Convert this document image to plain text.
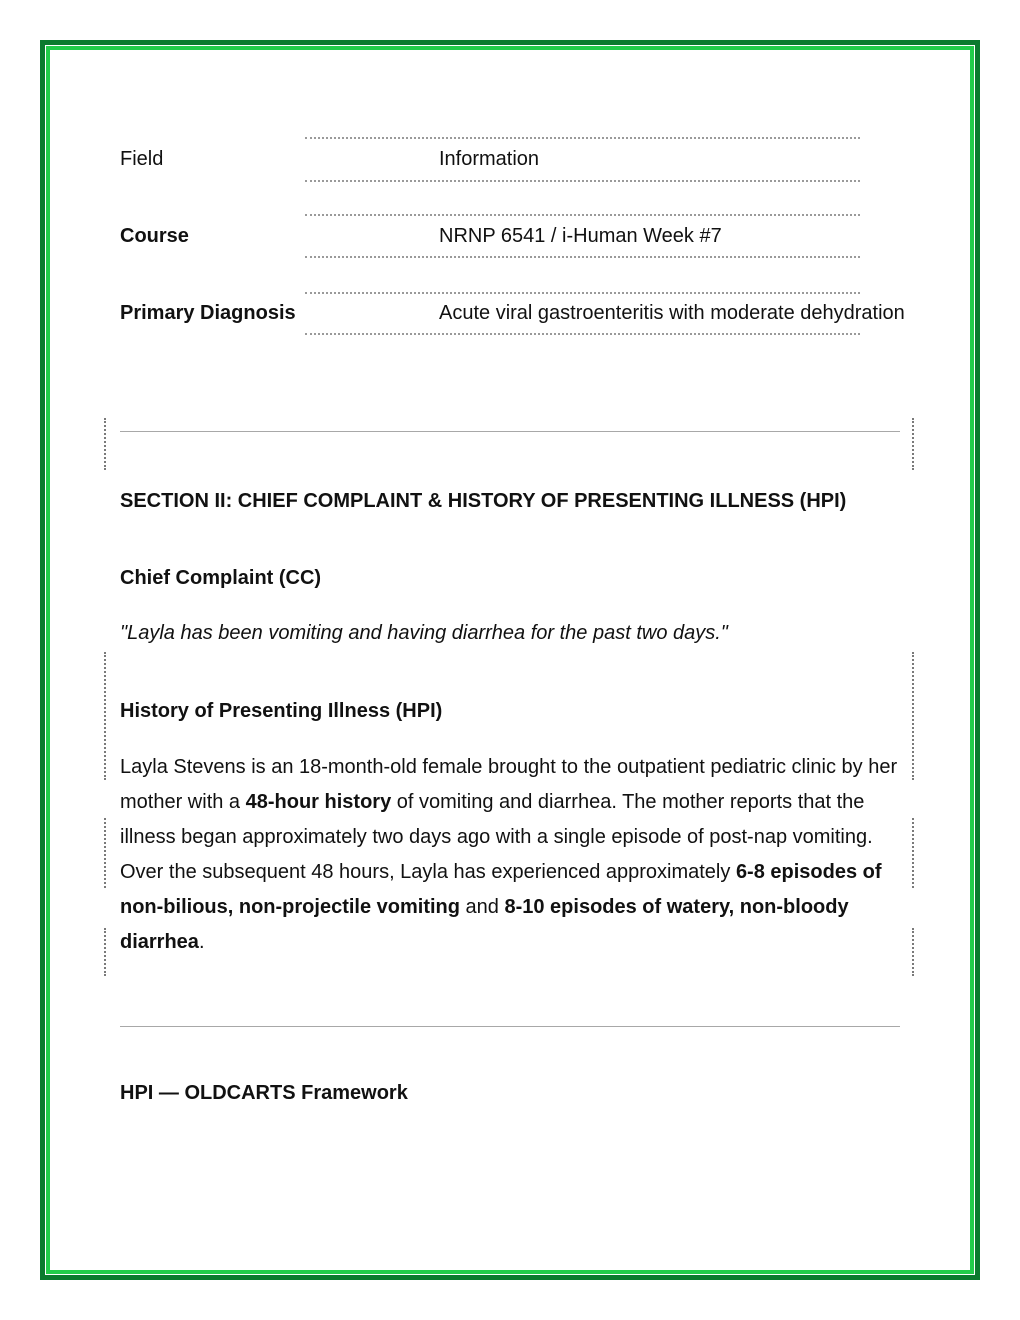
Field	Information
Course	NRNP 6541 / i-Human Week #7
Primary Diagnosis	Acute viral gastroenteritis with moderate dehydration
SECTION II: CHIEF COMPLAINT & HISTORY OF PRESENTING ILLNESS (HPI)
Chief Complaint (CC)
"Layla has been vomiting and having diarrhea for the past two days."
History of Presenting Illness (HPI)
Layla Stevens is an 18-month-old female brought to the outpatient pediatric clinic by her mother with a 48-hour history of vomiting and diarrhea. The mother reports that the illness began approximately two days ago with a single episode of post-nap vomiting. Over the subsequent 48 hours, Layla has experienced approximately 6-8 episodes of non-bilious, non-projectile vomiting and 8-10 episodes of watery, non-bloody diarrhea.
HPI — OLDCARTS Framework
